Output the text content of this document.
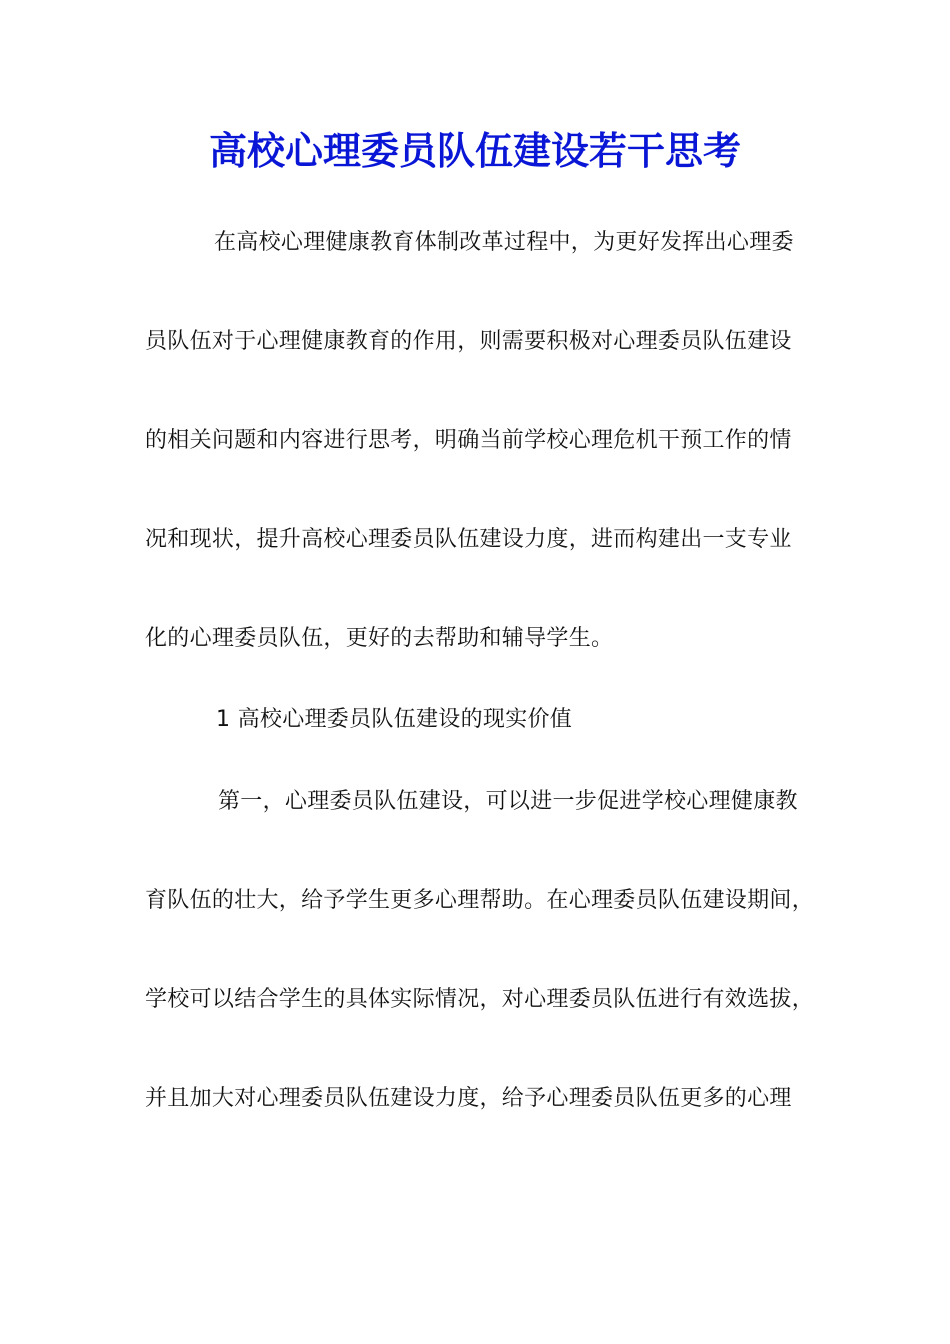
高校心理委员队伍建设若干思考
在高校心理健康教育体制改革过程中，为更好发挥出心理委
员队伍对于心理健康教育的作用，则需要积极对心理委员队伍建设
的相关问题和内容进行思考，明确当前学校心理危机干预工作的情
况和现状，提升高校心理委员队伍建设力度，进而构建出一支专业
化的心理委员队伍，更好的去帮助和辅导学生。
1 高校心理委员队伍建设的现实价值
第一，心理委员队伍建设，可以进一步促进学校心理健康教
育队伍的壮大，给予学生更多心理帮助。在心理委员队伍建设期间，
学校可以结合学生的具体实际情况，对心理委员队伍进行有效选拔，
并且加大对心理委员队伍建设力度，给予心理委员队伍更多的心理
